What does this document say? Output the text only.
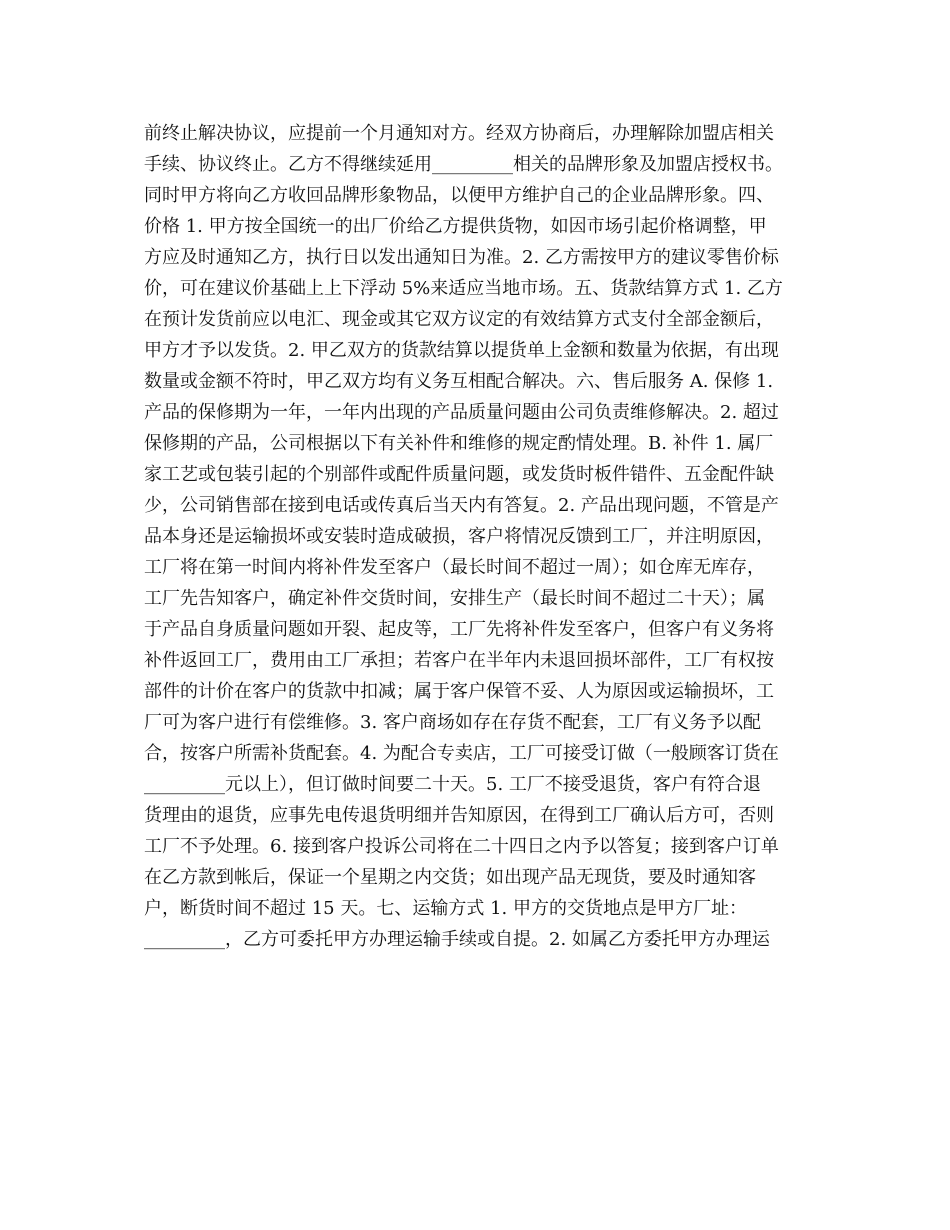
前终止解决协议，应提前一个月通知对方。经双方协商后，办理解除加盟店相关
手续、协议终止。乙方不得继续延用_________相关的品牌形象及加盟店授权书。
同时甲方将向乙方收回品牌形象物品，以便甲方维护自己的企业品牌形象。四、
价格 1. 甲方按全国统一的出厂价给乙方提供货物，如因市场引起价格调整，甲
方应及时通知乙方，执行日以发出通知日为准。2. 乙方需按甲方的建议零售价标
价，可在建议价基础上上下浮动 5%来适应当地市场。五、货款结算方式 1. 乙方
在预计发货前应以电汇、现金或其它双方议定的有效结算方式支付全部金额后，
甲方才予以发货。2. 甲乙双方的货款结算以提货单上金额和数量为依据，有出现
数量或金额不符时，甲乙双方均有义务互相配合解决。六、售后服务 A. 保修 1.
产品的保修期为一年，一年内出现的产品质量问题由公司负责维修解决。2. 超过
保修期的产品，公司根据以下有关补件和维修的规定酌情处理。B. 补件 1. 属厂
家工艺或包装引起的个别部件或配件质量问题，或发货时板件错件、五金配件缺
少，公司销售部在接到电话或传真后当天内有答复。2. 产品出现问题，不管是产
品本身还是运输损坏或安装时造成破损，客户将情况反馈到工厂，并注明原因，
工厂将在第一时间内将补件发至客户（最长时间不超过一周）；如仓库无库存，
工厂先告知客户，确定补件交货时间，安排生产（最长时间不超过二十天）；属
于产品自身质量问题如开裂、起皮等，工厂先将补件发至客户，但客户有义务将
补件返回工厂，费用由工厂承担；若客户在半年内未退回损坏部件，工厂有权按
部件的计价在客户的货款中扣减；属于客户保管不妥、人为原因或运输损坏，工
厂可为客户进行有偿维修。3. 客户商场如存在存货不配套，工厂有义务予以配
合，按客户所需补货配套。4. 为配合专卖店，工厂可接受订做（一般顾客订货在
_________元以上），但订做时间要二十天。5. 工厂不接受退货，客户有符合退
货理由的退货，应事先电传退货明细并告知原因，在得到工厂确认后方可，否则
工厂不予处理。6. 接到客户投诉公司将在二十四日之内予以答复；接到客户订单
在乙方款到帐后，保证一个星期之内交货；如出现产品无现货，要及时通知客
户，断货时间不超过 15 天。七、运输方式 1. 甲方的交货地点是甲方厂址：
_________，乙方可委托甲方办理运输手续或自提。2. 如属乙方委托甲方办理运
